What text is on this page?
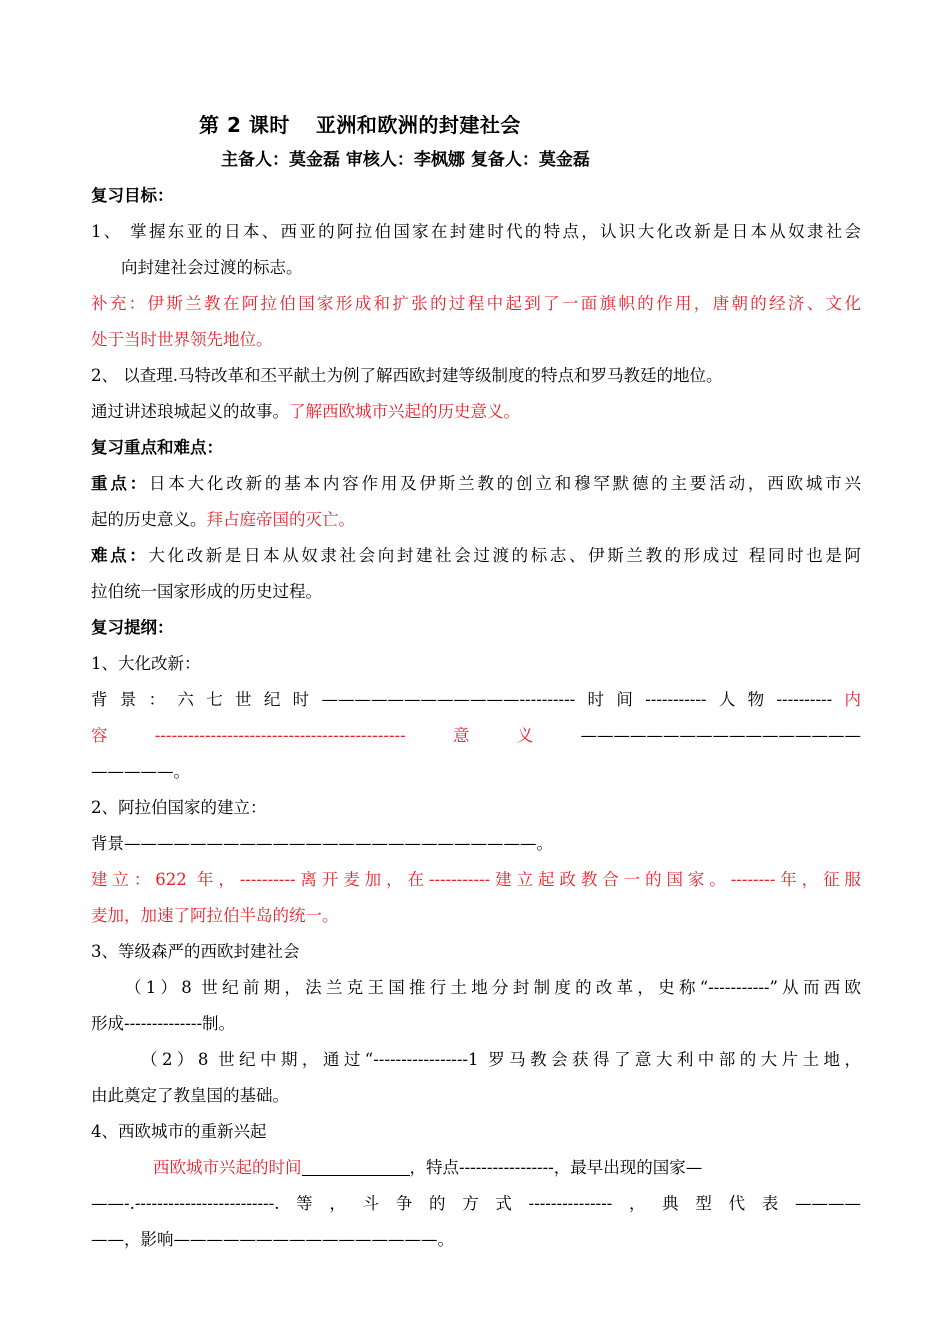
第 2 课时 亚洲和欧洲的封建社会
主备人：莫金磊 审核人：李枫娜 复备人：莫金磊
复习目标：
1、 掌握东亚的日本、西亚的阿拉伯国家在封建时代的特点，认识大化改新是日本从奴隶社会
向封建社会过渡的标志。
补充：伊斯兰教在阿拉伯国家形成和扩张的过程中起到了一面旗帜的作用，唐朝的经济、文化
处于当时世界领先地位。
2、 以查理.马特改革和丕平献土为例了解西欧封建等级制度的特点和罗马教廷的地位。
通过讲述琅城起义的故事。了解西欧城市兴起的历史意义。
复习重点和难点：
重点：日本大化改新的基本内容作用及伊斯兰教的创立和穆罕默德的主要活动，西欧城市兴
起的历史意义。拜占庭帝国的灭亡。
难点：大化改新是日本从奴隶社会向封建社会过渡的标志、伊斯兰教的形成过 程同时也是阿
拉伯统一国家形成的历史过程。
复习提纲：
1、大化改新：
背景：六七世纪时————————————----------时间-----------人物----------内
容---------------------------------------------意义—————————————————
—————。
2、阿拉伯国家的建立：
背景—————————————————————————。
建立：622 年，----------离开麦加，在-----------建立起政教合一的国家。--------年，征服
麦加，加速了阿拉伯半岛的统一。
3、等级森严的西欧封建社会
（1）8 世纪前期，法兰克王国推行土地分封制度的改革，史称“-----------”从而西欧
形成--------------制。
（2）8 世纪中期，通过“-----------------1 罗马教会获得了意大利中部的大片土地，
由此奠定了教皇国的基础。
4、西欧城市的重新兴起
西欧城市兴起的时间	，特点-----------------，最早出现的国家—
——-.-------------------------.等，斗争的方式---------------，典型代表————
——，影响————————————————。
